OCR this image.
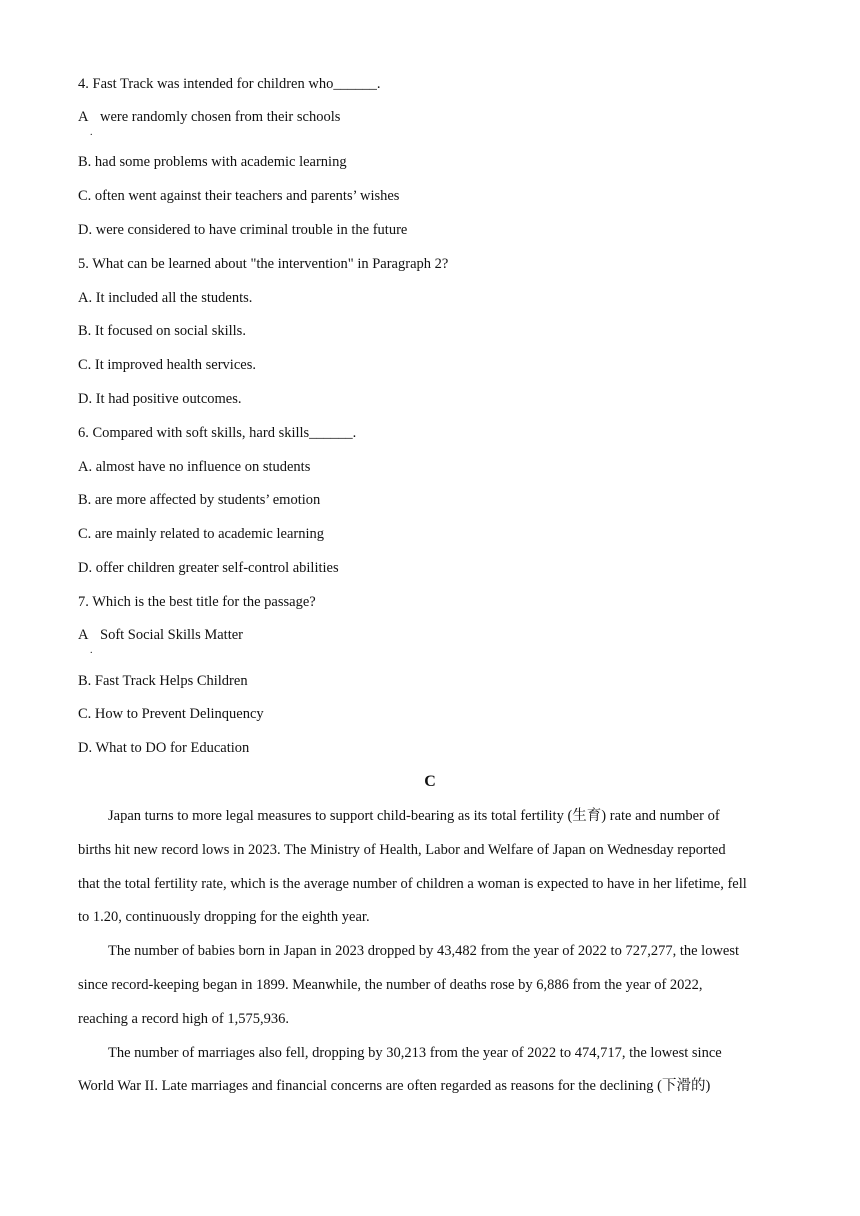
4. Fast Track was intended for children who______.
A
.
were randomly chosen from their schools
B. had some problems with academic learning
C. often went against their teachers and parents’ wishes
D. were considered to have criminal trouble in the future
5. What can be learned about "the intervention" in Paragraph 2?
A. It included all the students.
B. It focused on social skills.
C. It improved health services.
D. It had positive outcomes.
6. Compared with soft skills, hard skills______.
A. almost have no influence on students
B. are more affected by students’ emotion
C. are mainly related to academic learning
D. offer children greater self-control abilities
7. Which is the best title for the passage?
A
.
Soft Social Skills Matter
B. Fast Track Helps Children
C. How to Prevent Delinquency
D. What to DO for Education
C
Japan turns to more legal measures to support child-bearing as its total fertility (生育) rate and number of
births hit new record lows in 2023. The Ministry of Health, Labor and Welfare of Japan on Wednesday reported
that the total fertility rate, which is the average number of children a woman is expected to have in her lifetime, fell
to 1.20, continuously dropping for the eighth year.
The number of babies born in Japan in 2023 dropped by 43,482 from the year of 2022 to 727,277, the lowest
since record-keeping began in 1899. Meanwhile, the number of deaths rose by 6,886 from the year of 2022,
reaching a record high of 1,575,936.
The number of marriages also fell, dropping by 30,213 from the year of 2022 to 474,717, the lowest since
World War II. Late marriages and financial concerns are often regarded as reasons for the declining (下滑的)
